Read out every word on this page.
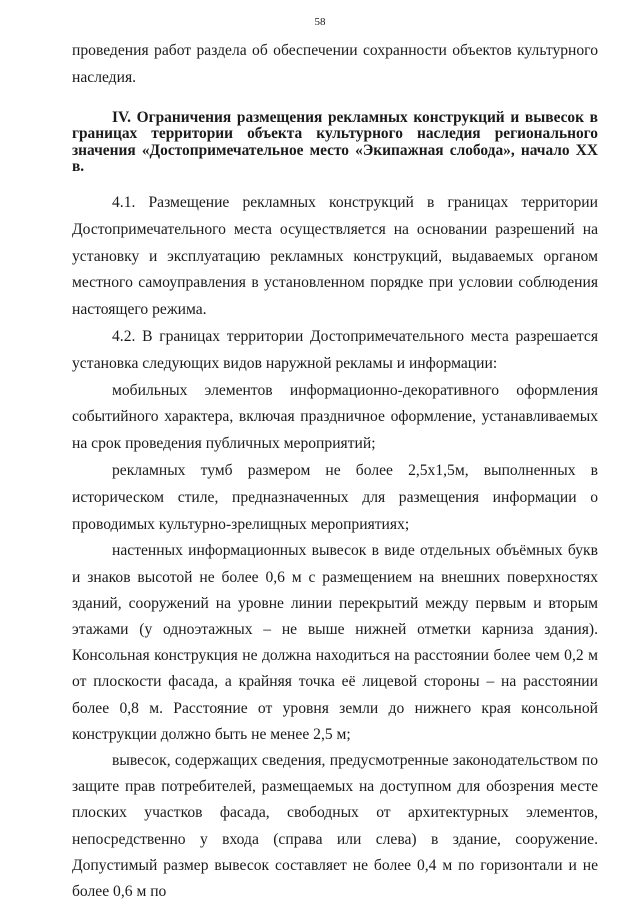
58

проведения работ раздела об обеспечении сохранности объектов культурного наследия.

IV. Ограничения размещения рекламных конструкций и вывесок в границах территории объекта культурного наследия регионального значения «Достопримечательное место «Экипажная слобода», начало XX в.

4.1. Размещение рекламных конструкций в границах территории Достопримечательного места осуществляется на основании разрешений на установку и эксплуатацию рекламных конструкций, выдаваемых органом местного самоуправления в установленном порядке при условии соблюдения настоящего режима.

4.2. В границах территории Достопримечательного места разрешается установка следующих видов наружной рекламы и информации:

мобильных элементов информационно-декоративного оформления событийного характера, включая праздничное оформление, устанавливаемых на срок проведения публичных мероприятий;

рекламных тумб размером не более 2,5х1,5м, выполненных в историческом стиле, предназначенных для размещения информации о проводимых культурно-зрелищных мероприятиях;

настенных информационных вывесок в виде отдельных объёмных букв и знаков высотой не более 0,6 м с размещением на внешних поверхностях зданий, сооружений на уровне линии перекрытий между первым и вторым этажами (у одноэтажных – не выше нижней отметки карниза здания). Консольная конструкция не должна находиться на расстоянии более чем 0,2 м от плоскости фасада, а крайняя точка её лицевой стороны – на расстоянии более 0,8 м. Расстояние от уровня земли до нижнего края консольной конструкции должно быть не менее 2,5 м;

вывесок, содержащих сведения, предусмотренные законодательством по защите прав потребителей, размещаемых на доступном для обозрения месте плоских участков фасада, свободных от архитектурных элементов, непосредственно у входа (справа или слева) в здание, сооружение. Допустимый размер вывесок составляет не более 0,4 м по горизонтали и не более 0,6 м по
